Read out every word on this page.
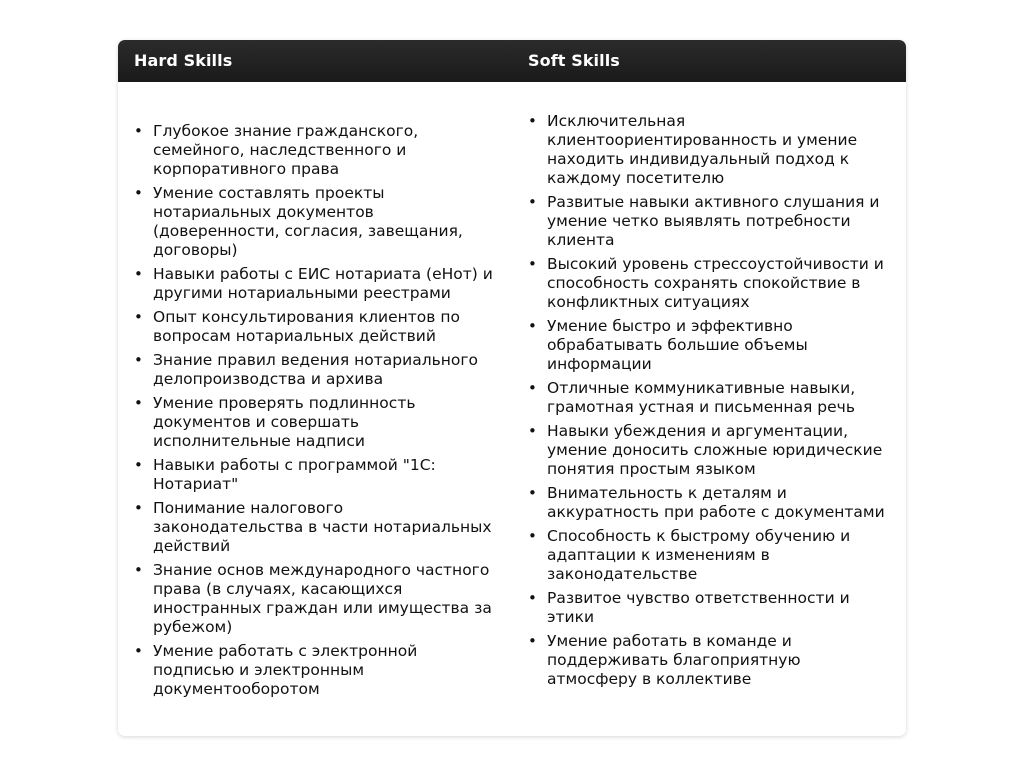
Hard Skills	Soft Skills
• Глубокое знание гражданского, семейного, наследственного и корпоративного права
• Умение составлять проекты нотариальных документов (доверенности, согласия, завещания, договоры)
• Навыки работы с ЕИС нотариата (еНот) и другими нотариальными реестрами
• Опыт консультирования клиентов по вопросам нотариальных действий
• Знание правил ведения нотариального делопроизводства и архива
• Умение проверять подлинность документов и совершать исполнительные надписи
• Навыки работы с программой "1С: Нотариат"
• Понимание налогового законодательства в части нотариальных действий
• Знание основ международного частного права (в случаях, касающихся иностранных граждан или имущества за рубежом)
• Умение работать с электронной подписью и электронным документооборотом
• Исключительная клиентоориентированность и умение находить индивидуальный подход к каждому посетителю
• Развитые навыки активного слушания и умение четко выявлять потребности клиента
• Высокий уровень стрессоустойчивости и способность сохранять спокойствие в конфликтных ситуациях
• Умение быстро и эффективно обрабатывать большие объемы информации
• Отличные коммуникативные навыки, грамотная устная и письменная речь
• Навыки убеждения и аргументации, умение доносить сложные юридические понятия простым языком
• Внимательность к деталям и аккуратность при работе с документами
• Способность к быстрому обучению и адаптации к изменениям в законодательстве
• Развитое чувство ответственности и этики
• Умение работать в команде и поддерживать благоприятную атмосферу в коллективе
